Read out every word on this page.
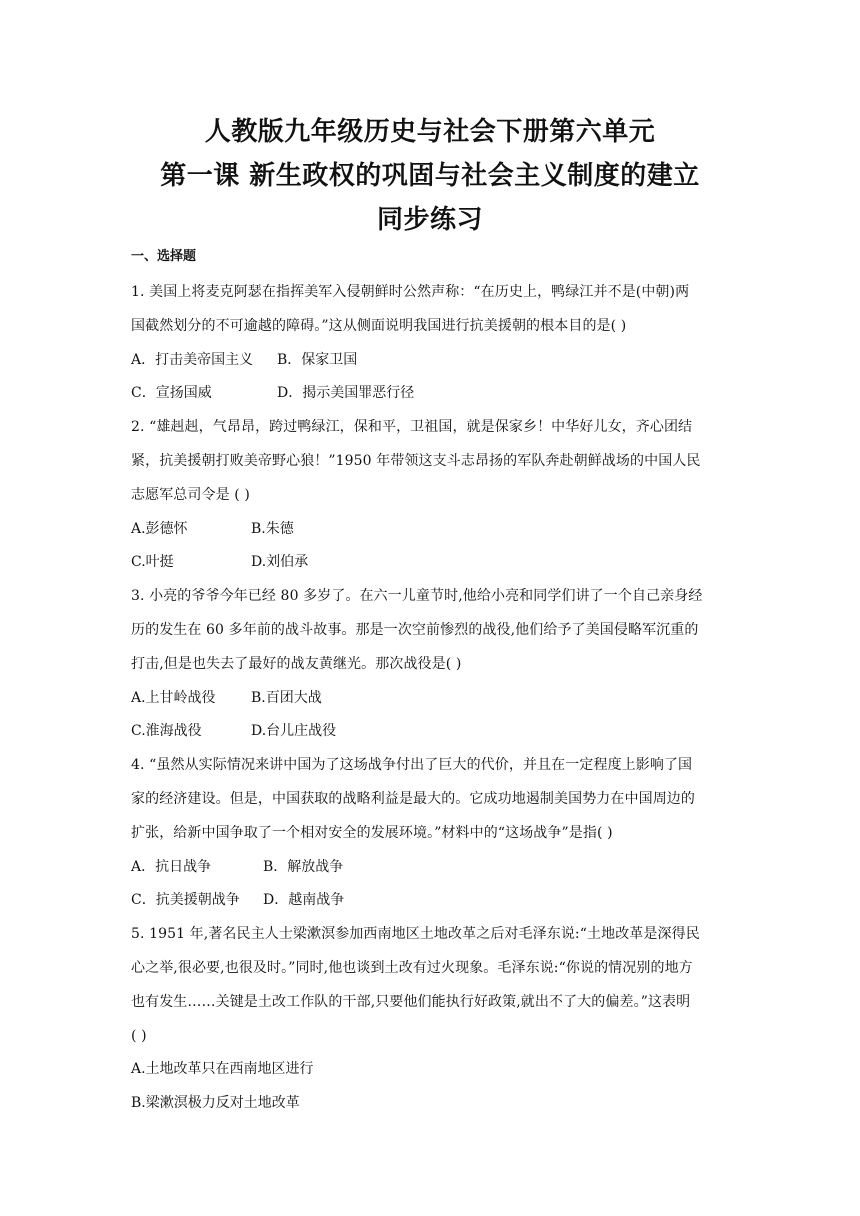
人教版九年级历史与社会下册第六单元
第一课 新生政权的巩固与社会主义制度的建立
同步练习
一、选择题
1. 美国上将麦克阿瑟在指挥美军入侵朝鲜时公然声称：“在历史上，鸭绿江并不是(中朝)两
国截然划分的不可逾越的障碍。”这从侧面说明我国进行抗美援朝的根本目的是( )
A．打击美帝国主义	B．保家卫国
C．宣扬国威	D．揭示美国罪恶行径
2. “雄赳赳，气昂昂，跨过鸭绿江，保和平，卫祖国，就是保家乡！中华好儿女，齐心团结
紧，抗美援朝打败美帝野心狼！”1950 年带领这支斗志昂扬的军队奔赴朝鲜战场的中国人民
志愿军总司令是 ( )
A.彭德怀	B.朱德
C.叶挺	D.刘伯承
3. 小亮的爷爷今年已经 80 多岁了。在六一儿童节时,他给小亮和同学们讲了一个自己亲身经
历的发生在 60 多年前的战斗故事。那是一次空前惨烈的战役,他们给予了美国侵略军沉重的
打击,但是也失去了最好的战友黄继光。那次战役是( )
A.上甘岭战役	B.百团大战
C.淮海战役	D.台儿庄战役
4. “虽然从实际情况来讲中国为了这场战争付出了巨大的代价，并且在一定程度上影响了国
家的经济建设。但是，中国获取的战略利益是最大的。它成功地遏制美国势力在中国周边的
扩张，给新中国争取了一个相对安全的发展环境。”材料中的“这场战争”是指( )
A．抗日战争	B．解放战争
C．抗美援朝战争	D．越南战争
5. 1951 年,著名民主人士梁漱溟参加西南地区土地改革之后对毛泽东说:“土地改革是深得民
心之举,很必要,也很及时。”同时,他也谈到土改有过火现象。毛泽东说:“你说的情况别的地方
也有发生……关键是土改工作队的干部,只要他们能执行好政策,就出不了大的偏差。”这表明
( )
A.土地改革只在西南地区进行
B.梁漱溟极力反对土地改革
